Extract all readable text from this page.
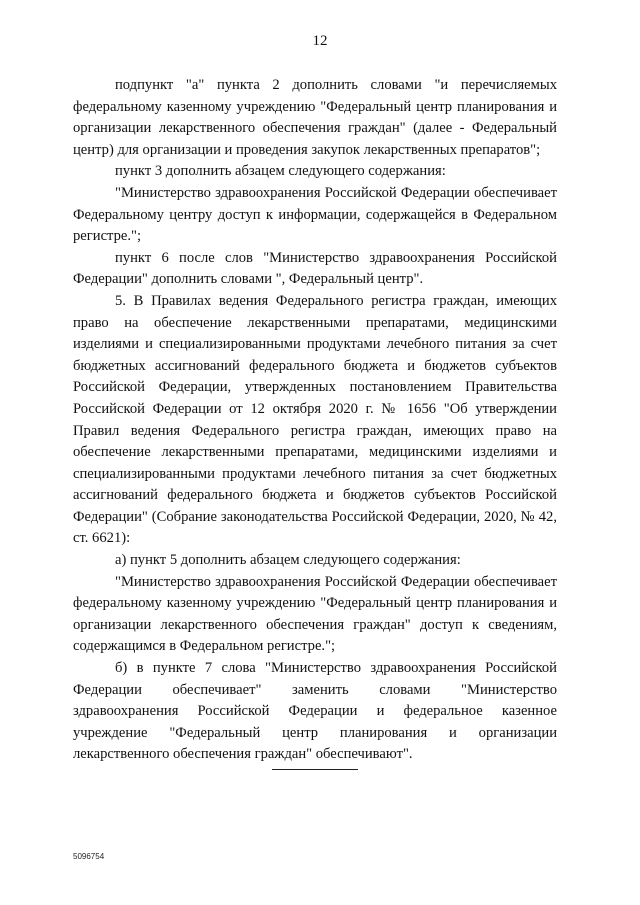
12

подпункт "а" пункта 2 дополнить словами "и перечисляемых федеральному казенному учреждению "Федеральный центр планирования и организации лекарственного обеспечения граждан" (далее - Федеральный центр) для организации и проведения закупок лекарственных препаратов";

пункт 3 дополнить абзацем следующего содержания:

"Министерство здравоохранения Российской Федерации обеспечивает Федеральному центру доступ к информации, содержащейся в Федеральном регистре.";

пункт 6 после слов "Министерство здравоохранения Российской Федерации" дополнить словами ", Федеральный центр".

5. В Правилах ведения Федерального регистра граждан, имеющих право на обеспечение лекарственными препаратами, медицинскими изделиями и специализированными продуктами лечебного питания за счет бюджетных ассигнований федерального бюджета и бюджетов субъектов Российской Федерации, утвержденных постановлением Правительства Российской Федерации от 12 октября 2020 г. № 1656 "Об утверждении Правил ведения Федерального регистра граждан, имеющих право на обеспечение лекарственными препаратами, медицинскими изделиями и специализированными продуктами лечебного питания за счет бюджетных ассигнований федерального бюджета и бюджетов субъектов Российской Федерации" (Собрание законодательства Российской Федерации, 2020, № 42, ст. 6621):

а) пункт 5 дополнить абзацем следующего содержания:

"Министерство здравоохранения Российской Федерации обеспечивает федеральному казенному учреждению "Федеральный центр планирования и организации лекарственного обеспечения граждан" доступ к сведениям, содержащимся в Федеральном регистре.";

б) в пункте 7 слова "Министерство здравоохранения Российской Федерации обеспечивает" заменить словами "Министерство здравоохранения Российской Федерации и федеральное казенное учреждение "Федеральный центр планирования и организации лекарственного обеспечения граждан" обеспечивают".

5096754
